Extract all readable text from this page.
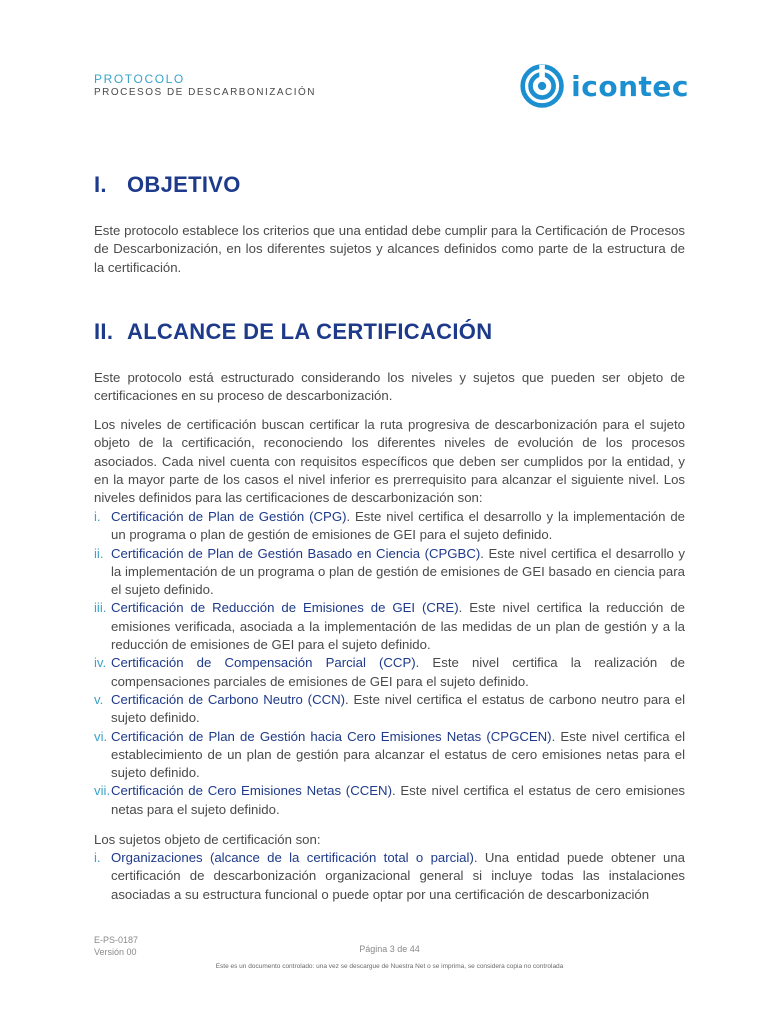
PROTOCOLO
PROCESOS DE DESCARBONIZACIÓN	icontec
I. OBJETIVO

Este protocolo establece los criterios que una entidad debe cumplir para la Certificación de Procesos de Descarbonización, en los diferentes sujetos y alcances definidos como parte de la estructura de la certificación.

II. ALCANCE DE LA CERTIFICACIÓN

Este protocolo está estructurado considerando los niveles y sujetos que pueden ser objeto de certificaciones en su proceso de descarbonización.

Los niveles de certificación buscan certificar la ruta progresiva de descarbonización para el sujeto objeto de la certificación, reconociendo los diferentes niveles de evolución de los procesos asociados. Cada nivel cuenta con requisitos específicos que deben ser cumplidos por la entidad, y en la mayor parte de los casos el nivel inferior es prerrequisito para alcanzar el siguiente nivel. Los niveles definidos para las certificaciones de descarbonización son:

i. Certificación de Plan de Gestión (CPG). Este nivel certifica el desarrollo y la implementación de un programa o plan de gestión de emisiones de GEI para el sujeto definido.
ii. Certificación de Plan de Gestión Basado en Ciencia (CPGBC). Este nivel certifica el desarrollo y la implementación de un programa o plan de gestión de emisiones de GEI basado en ciencia para el sujeto definido.
iii. Certificación de Reducción de Emisiones de GEI (CRE). Este nivel certifica la reducción de emisiones verificada, asociada a la implementación de las medidas de un plan de gestión y a la reducción de emisiones de GEI para el sujeto definido.
iv. Certificación de Compensación Parcial (CCP). Este nivel certifica la realización de compensaciones parciales de emisiones de GEI para el sujeto definido.
v. Certificación de Carbono Neutro (CCN). Este nivel certifica el estatus de carbono neutro para el sujeto definido.
vi. Certificación de Plan de Gestión hacia Cero Emisiones Netas (CPGCEN). Este nivel certifica el establecimiento de un plan de gestión para alcanzar el estatus de cero emisiones netas para el sujeto definido.
vii. Certificación de Cero Emisiones Netas (CCEN). Este nivel certifica el estatus de cero emisiones netas para el sujeto definido.

Los sujetos objeto de certificación son:

i. Organizaciones (alcance de la certificación total o parcial). Una entidad puede obtener una certificación de descarbonización organizacional general si incluye todas las instalaciones asociadas a su estructura funcional o puede optar por una certificación de descarbonización
E-PS-0187
Versión 00	Página 3 de 44
Este es un documento controlado: una vez se descargue de Nuestra Net o se imprima, se considera copia no controlada
